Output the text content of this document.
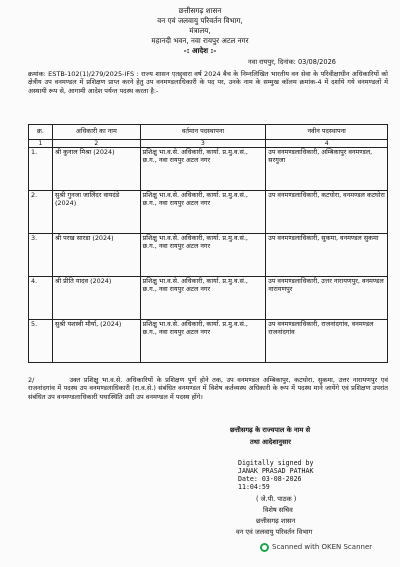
छत्तीसगढ़ शासन
वन एवं जलवायु परिवर्तन विभाग,
मंत्रालय,
महानदी भवन, नवा रायपुर अटल नगर
-: आदेश :-
नवा रायपुर, दिनांक: 03/08/2026
क्रमांक: ESTB-102(1)/279/2025-IFS : राज्य शासन एतद्द्वारा वर्ष 2024 बैच के निम्नलिखित भारतीय वन सेवा के परिवीक्षाधीन अधिकारियों को क्षेत्रीय उप वनमण्डल में प्रशिक्षण प्राप्त करने हेतु उप वनमण्डलाधिकारी के पद पर, उनके नाम के सम्मुख कॉलम क्रमांक-4 में दर्शाये गये वनमण्डलों में अस्थायी रूप से, आगामी आदेश पर्यन्त पदस्थ करता है:-
क्र.	अधिकारी का नाम	वर्तमान पदस्थापना	नवीन पदस्थापना
1	2	3	4
1.	श्री कुनाल मिश्रा (2024)	प्रशिक्षु भा.व.से. अधिकारी, कार्या. प्र.मु.व.सं., छ.ग., नवा रायपुर अटल नगर	उप वनमण्डलाधिकारी, अम्बिकापुर वनमण्डल, सरगुजा
2.	सुश्री गुनजा जालिंदर वायदंडे (2024)	प्रशिक्षु भा.व.से. अधिकारी, कार्या. प्र.मु.व.सं., छ.ग., नवा रायपुर अटल नगर	उप वनमण्डलाधिकारी, कटघोरा, वनमण्डल कटघोरा
3.	श्री परख सारडा (2024)	प्रशिक्षु भा.व.से. अधिकारी, कार्या. प्र.मु.व.सं., छ.ग., नवा रायपुर अटल नगर	उप वनमण्डलाधिकारी, सुकमा, वनमण्डल सुकमा
4.	श्री प्रीति यादव (2024)	प्रशिक्षु भा.व.से. अधिकारी, कार्या. प्र.मु.व.सं., छ.ग., नवा रायपुर अटल नगर	उप वनमण्डलाधिकारी, उत्तर नारायणपुर, वनमण्डल नारायणपुर
5.	सुश्री यशस्वी मौर्या, (2024)	प्रशिक्षु भा.व.से. अधिकारी, कार्या. प्र.मु.व.सं., छ.ग., नवा रायपुर अटल नगर	उप वनमण्डलाधिकारी, राजनांदगांव, वनमण्डल राजनांदगांव
2/	उक्त प्रशिक्षु भा.व.से. अधिकारियों के प्रशिक्षण पूर्ण होने तक, उप वनमण्डल अम्बिकापुर, कटघोरा, सुकमा, उत्तर नारायणपुर एवं राजनांदगांव में पदस्थ उप वनमण्डलाधिकारी (रा.व.से.) संबंधित वनमण्डल में विशेष कर्तव्यस्थ अधिकारी के रूप में पदस्थ माने जायेंगे एवं प्रशिक्षण उपरांत संबंधित उप वनमण्डलाधिकारी यथास्थिति उसी उप वनमण्डल में पदस्थ होंगे।
छत्तीसगढ़ के राज्यपाल के नाम से
तथा आदेशानुसार
Digitally signed by
JANAK PRASAD PATHAK
Date: 03-08-2026
11:04:59
( जे.पी. पाठक )
विशेष सचिव
छत्तीसगढ़ शासन
वन एवं जलवायु परिवर्तन विभाग
Scanned with OKEN Scanner
